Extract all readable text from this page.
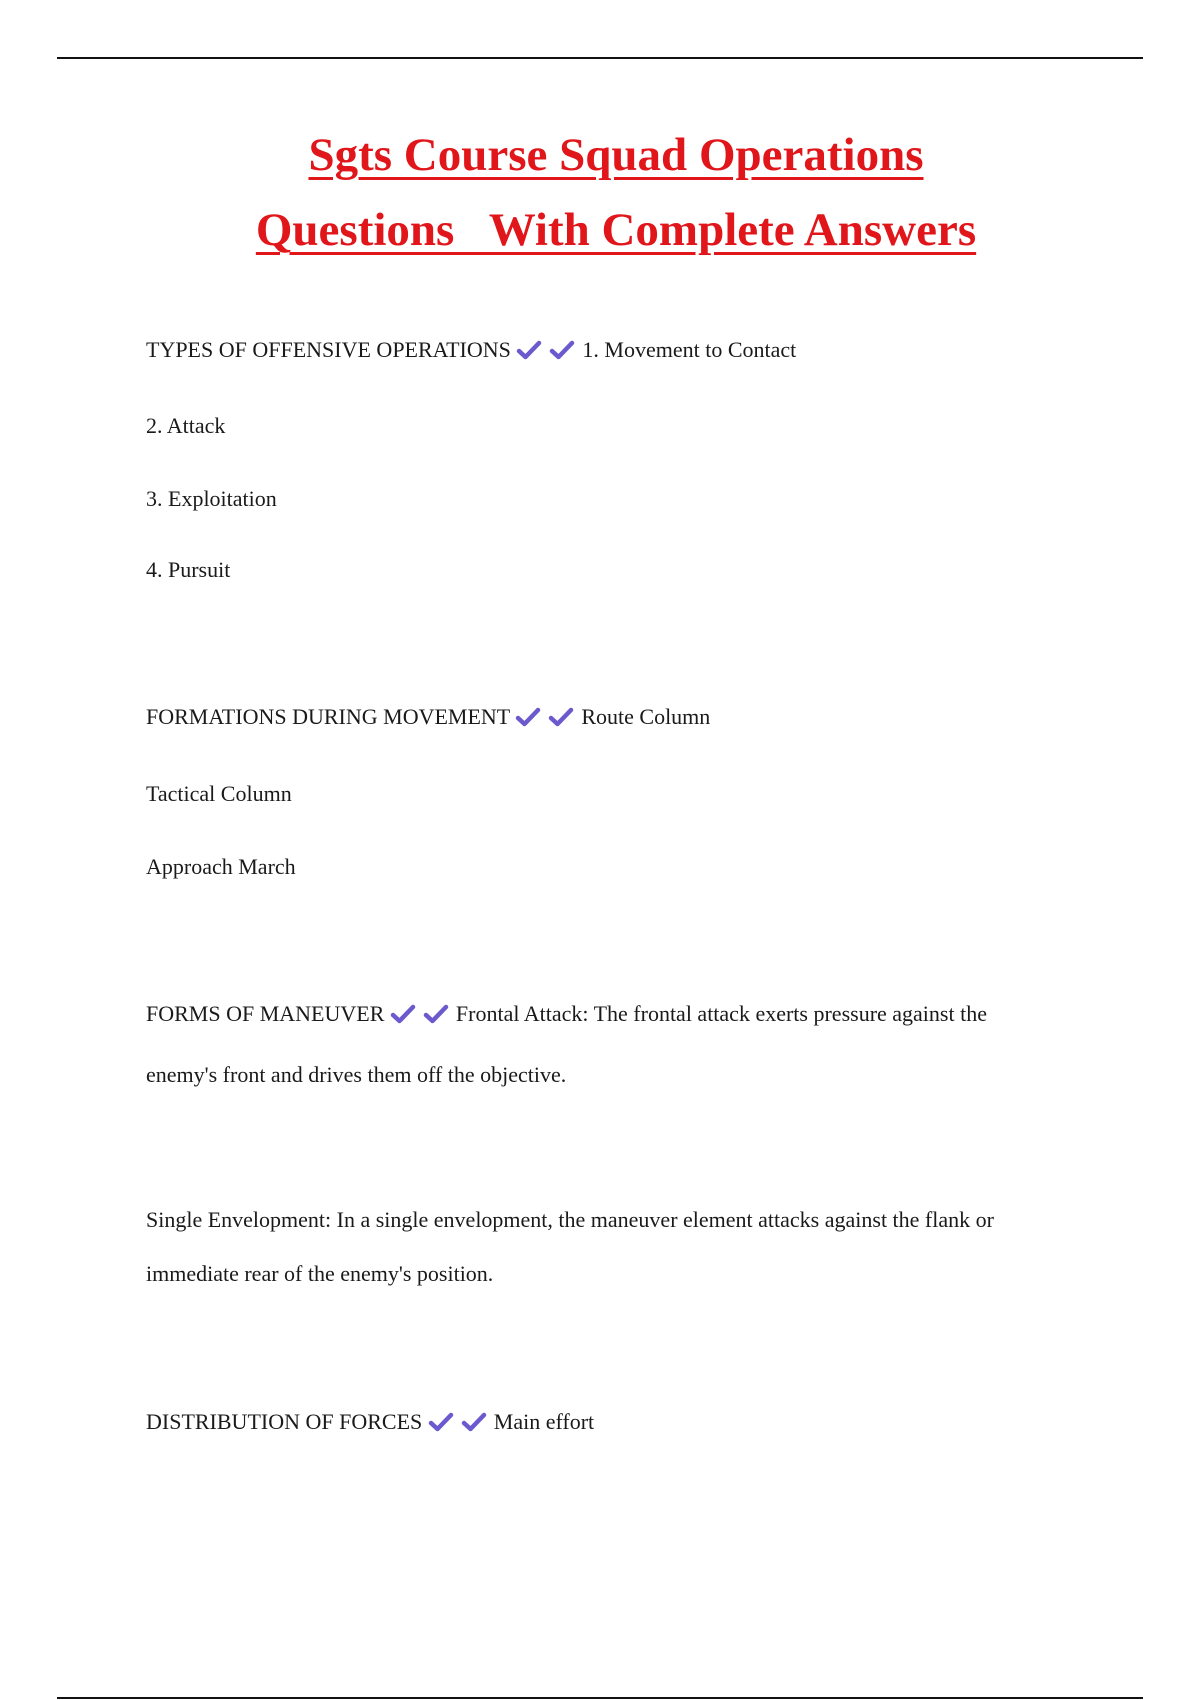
Sgts Course Squad Operations
Questions   With Complete Answers

TYPES OF OFFENSIVE OPERATIONS	1. Movement to Contact

2. Attack

3. Exploitation

4. Pursuit

FORMATIONS DURING MOVEMENT	Route Column

Tactical Column

Approach March

FORMS OF MANEUVER	Frontal Attack: The frontal attack exerts pressure against the

enemy's front and drives them off the objective.

Single Envelopment: In a single envelopment, the maneuver element attacks against the flank or

immediate rear of the enemy's position.

DISTRIBUTION OF FORCES	Main effort
